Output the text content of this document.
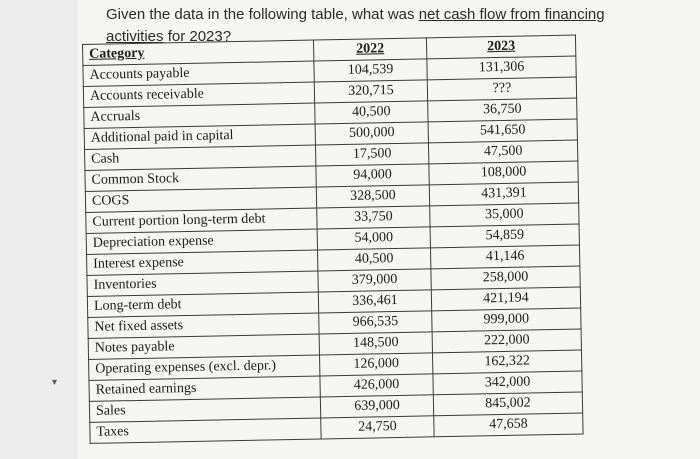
▾
Given the data in the following table, what was net cash flow from financing activities for 2023?
Category	2022	2023
Accounts payable	104,539	131,306
Accounts receivable	320,715	???
Accruals	40,500	36,750
Additional paid in capital	500,000	541,650
Cash	17,500	47,500
Common Stock	94,000	108,000
COGS	328,500	431,391
Current portion long-term debt	33,750	35,000
Depreciation expense	54,000	54,859
Interest expense	40,500	41,146
Inventories	379,000	258,000
Long-term debt	336,461	421,194
Net fixed assets	966,535	999,000
Notes payable	148,500	222,000
Operating expenses (excl. depr.)	126,000	162,322
Retained earnings	426,000	342,000
Sales	639,000	845,002
Taxes	24,750	47,658
